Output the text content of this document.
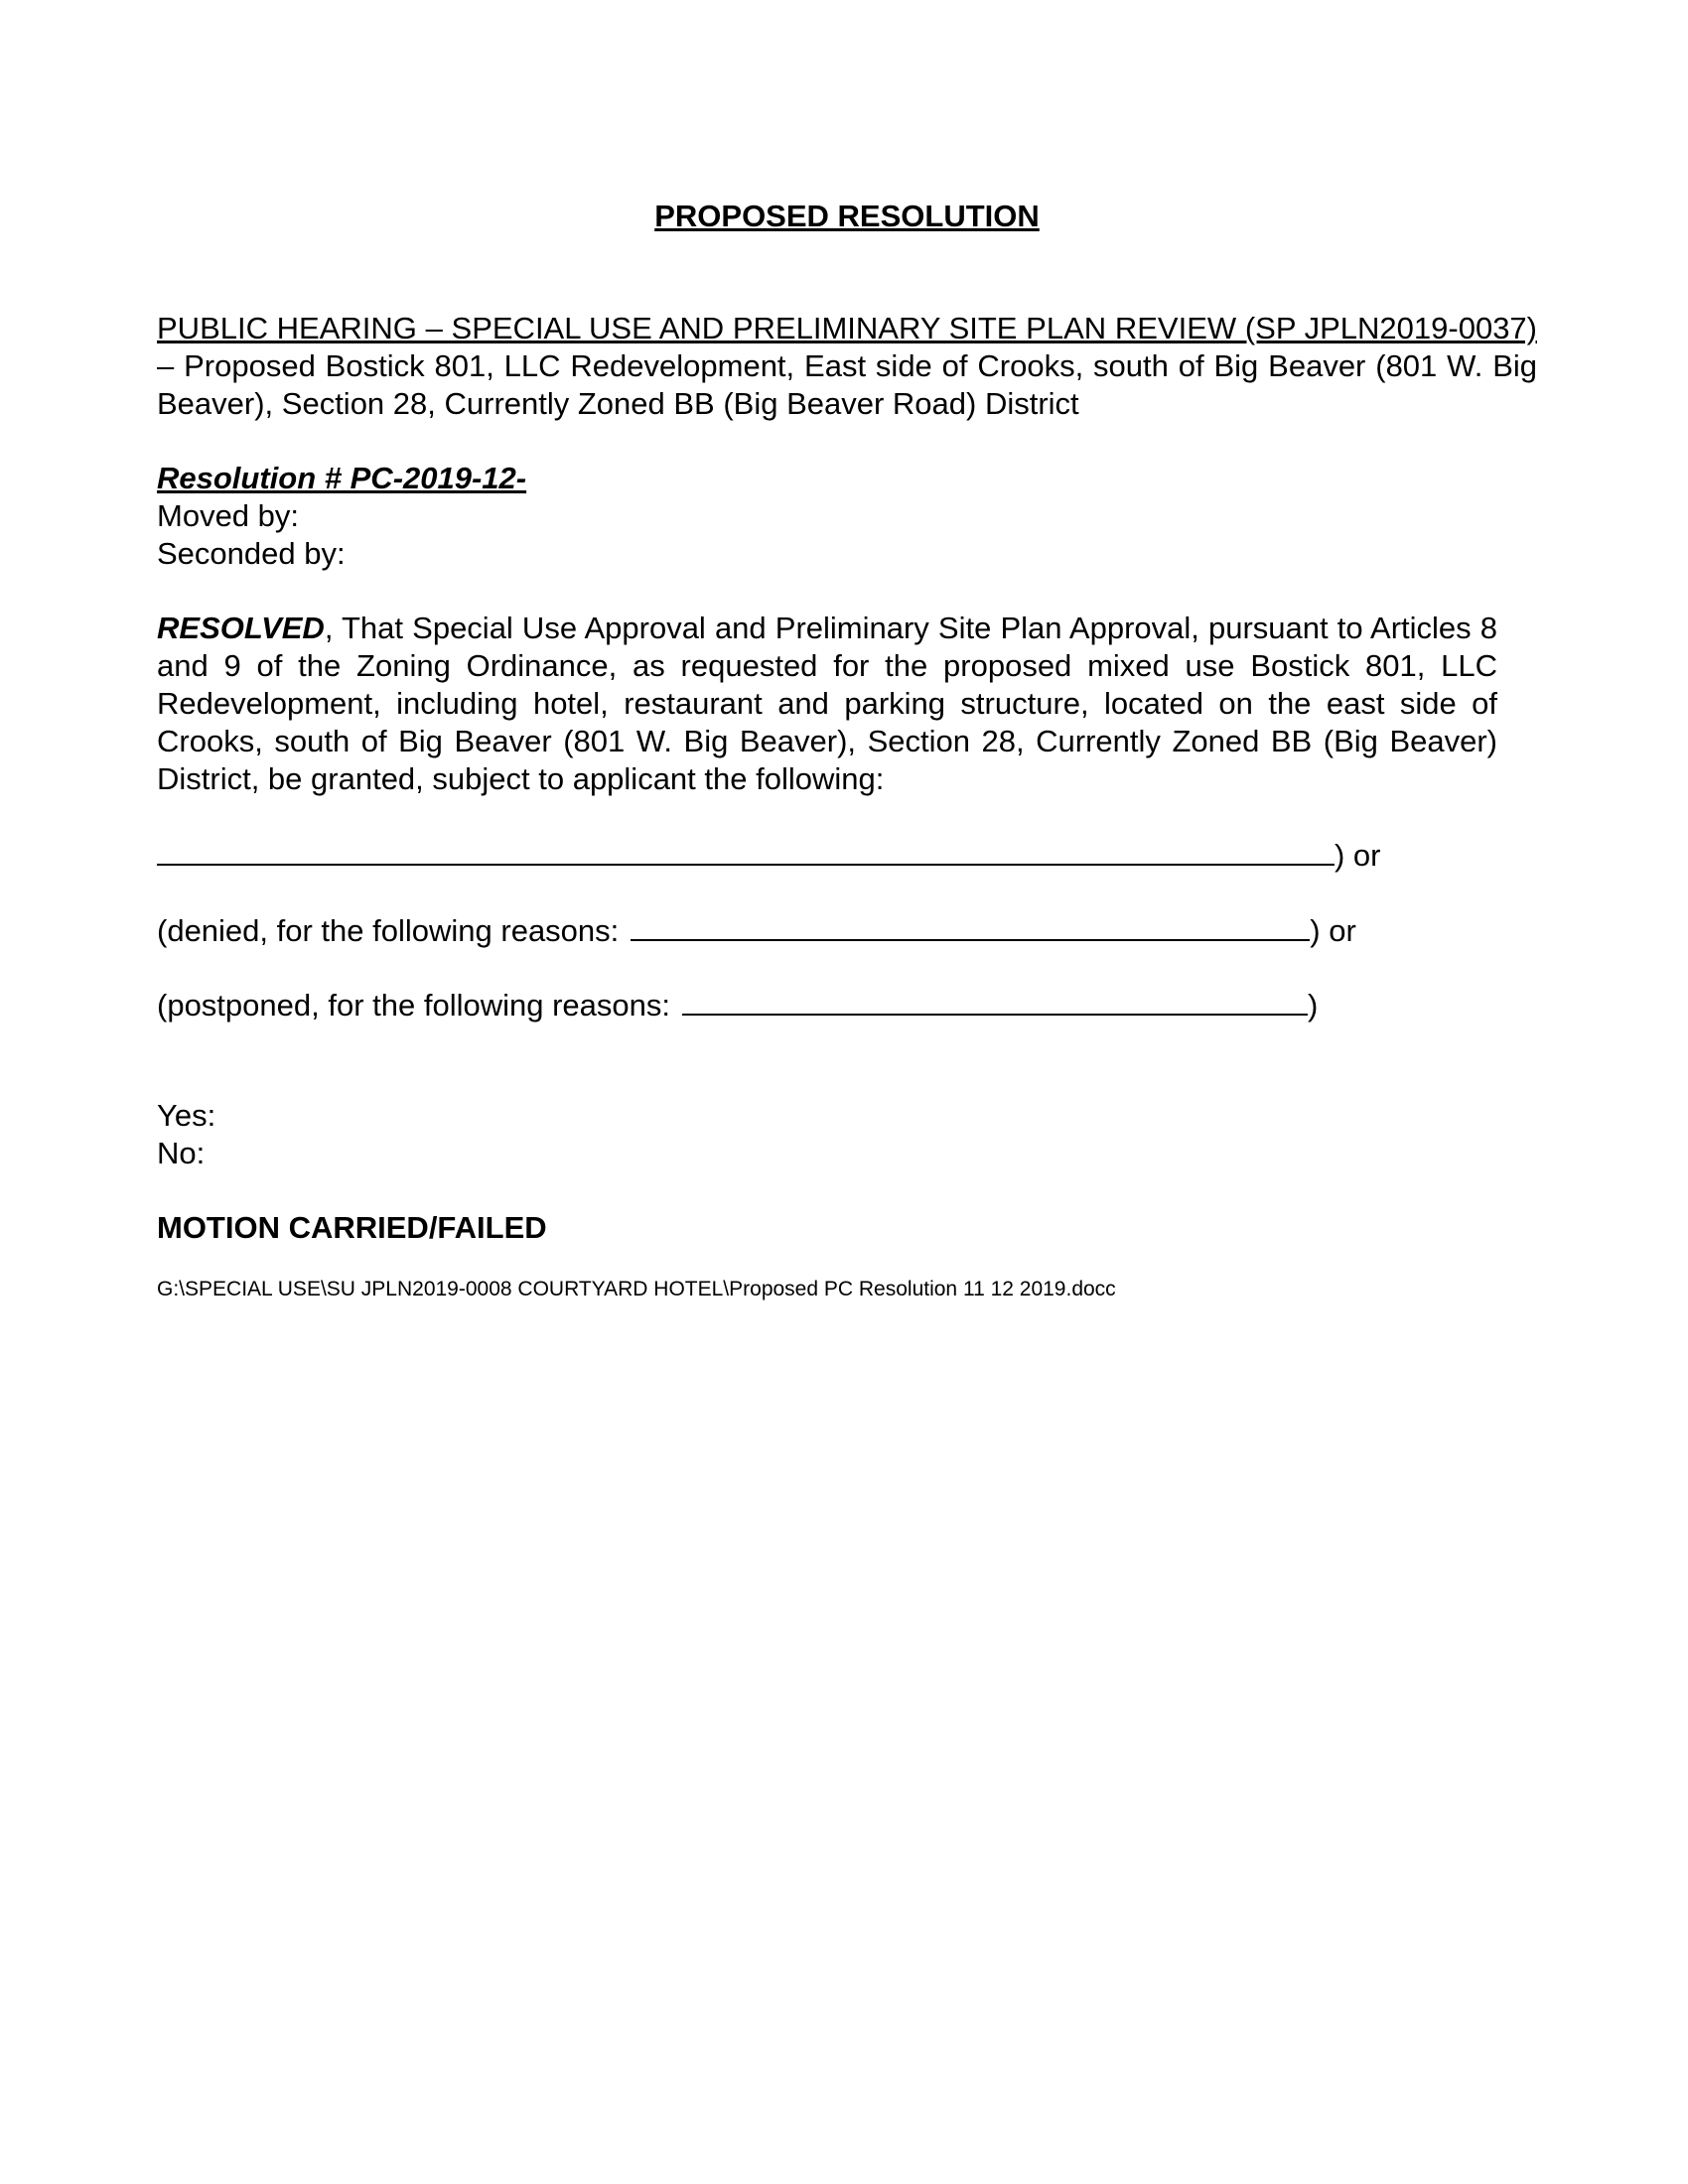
PROPOSED RESOLUTION

PUBLIC HEARING – SPECIAL USE AND PRELIMINARY SITE PLAN REVIEW (SP JPLN2019-0037) – Proposed Bostick 801, LLC Redevelopment, East side of Crooks, south of Big Beaver (801 W. Big Beaver), Section 28, Currently Zoned BB (Big Beaver Road) District

Resolution # PC-2019-12-

Moved by:

Seconded by:

RESOLVED, That Special Use Approval and Preliminary Site Plan Approval, pursuant to Articles 8 and 9 of the Zoning Ordinance, as requested for the proposed mixed use Bostick 801, LLC Redevelopment, including hotel, restaurant and parking structure, located on the east side of Crooks, south of Big Beaver (801 W. Big Beaver), Section 28, Currently Zoned BB (Big Beaver) District, be granted, subject to applicant the following:

) or
(denied, for the following reasons:	) or
(postponed, for the following reasons:	)

Yes:

No:

MOTION CARRIED/FAILED

G:\SPECIAL USE\SU JPLN2019-0008 COURTYARD HOTEL\Proposed PC Resolution 11 12 2019.docc
